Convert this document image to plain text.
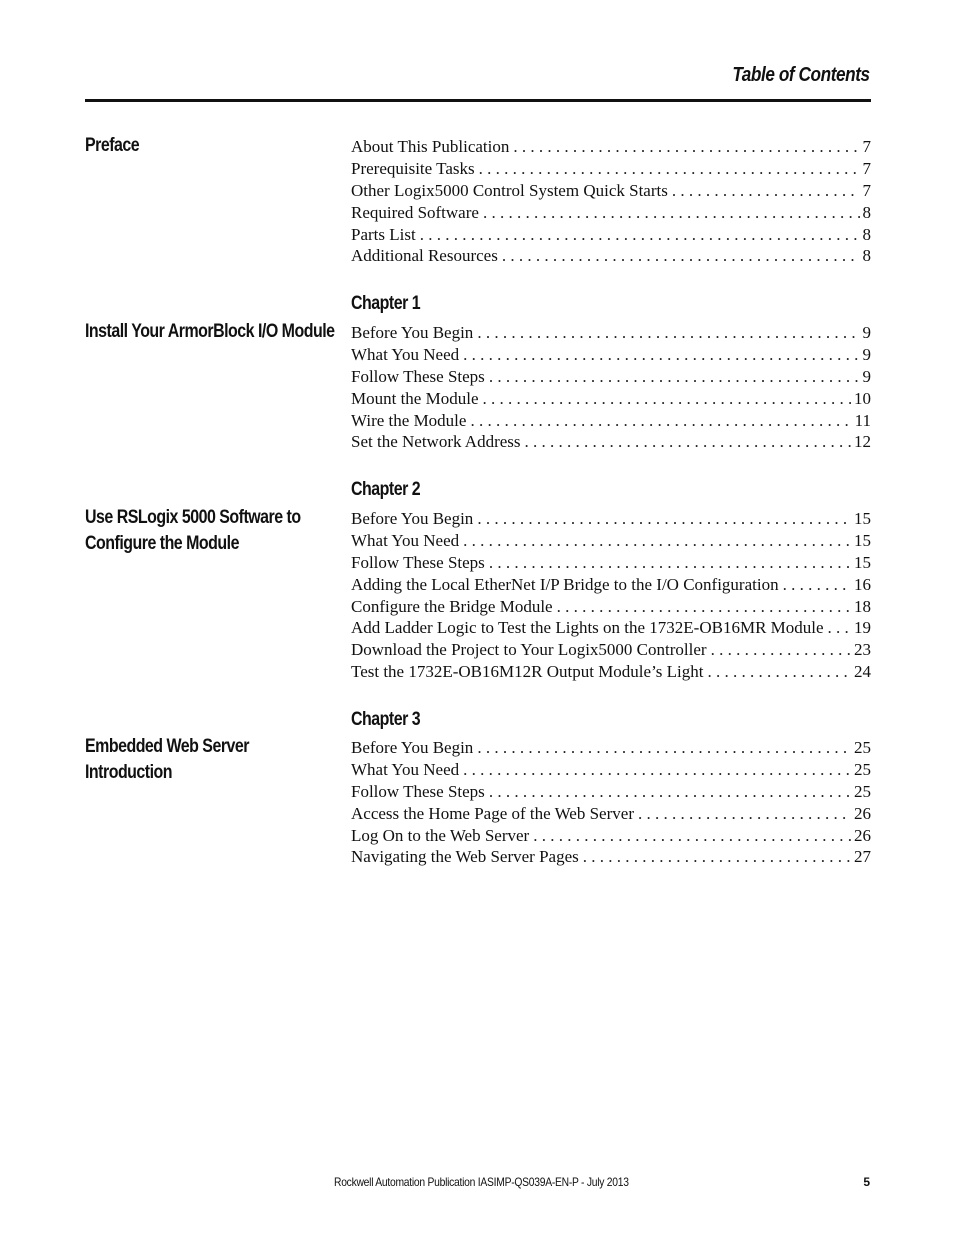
Table of Contents
Preface	About This Publication . . .	7
Prerequisite Tasks . . .	7
Other Logix5000 Control System Quick Starts . . .	7
Required Software . . .	8
Parts List . . .	8
Additional Resources . . .	8
Chapter 1
Install Your ArmorBlock I/O Module Before You Begin . . .	9
What You Need . . .	9
Follow These Steps . . .	9
Mount the Module . . .	10
Wire the Module . . .	11
Set the Network Address . . .	12
Chapter 2
Use RSLogix 5000 Software to Configure the Module
Before You Begin . . .	15
What You Need . . .	15
Follow These Steps . . .	15
Adding the Local EtherNet I/P Bridge to the I/O Configuration . . .	16
Configure the Bridge Module . . .	18
Add Ladder Logic to Test the Lights on the 1732E-OB16MR Module . . . 19
Download the Project to Your Logix5000 Controller . . .	23
Test the 1732E-OB16M12R Output Module’s Light . . .	24
Chapter 3
Embedded Web Server Introduction
Before You Begin . . .	25
What You Need . . .	25
Follow These Steps . . .	25
Access the Home Page of the Web Server . . .	26
Log On to the Web Server . . .	26
Navigating the Web Server Pages . . .	27
Rockwell Automation Publication IASIMP-QS039A-EN-P - July 2013	5
